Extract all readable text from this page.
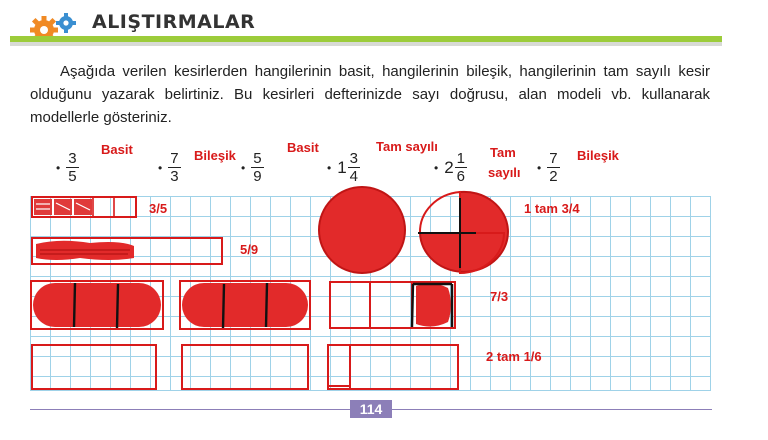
ALIŞTIRMALAR

Aşağıda verilen kesirlerden hangilerinin basit, hangilerinin bileşik, hangilerinin tam sayılı kesir olduğunu yazarak belirtiniz. Bu kesirleri defterinizde sayı doğrusu, alan modeli vb. kullanarak modellerle gösteriniz.

• $\frac{3}{5}$
Basit
• $\frac{7}{3}$ Bileşik
• $\frac{5}{9}$
Basit
• $1 \frac{3}{4}$
Tam sayılı
• $2 \frac{1}{6}$ Tam
sayılı • $\frac{7}{2}$ Bileşik
3/5
5/9
1 tam 3/4
7/3
2 tam 1/6
114
